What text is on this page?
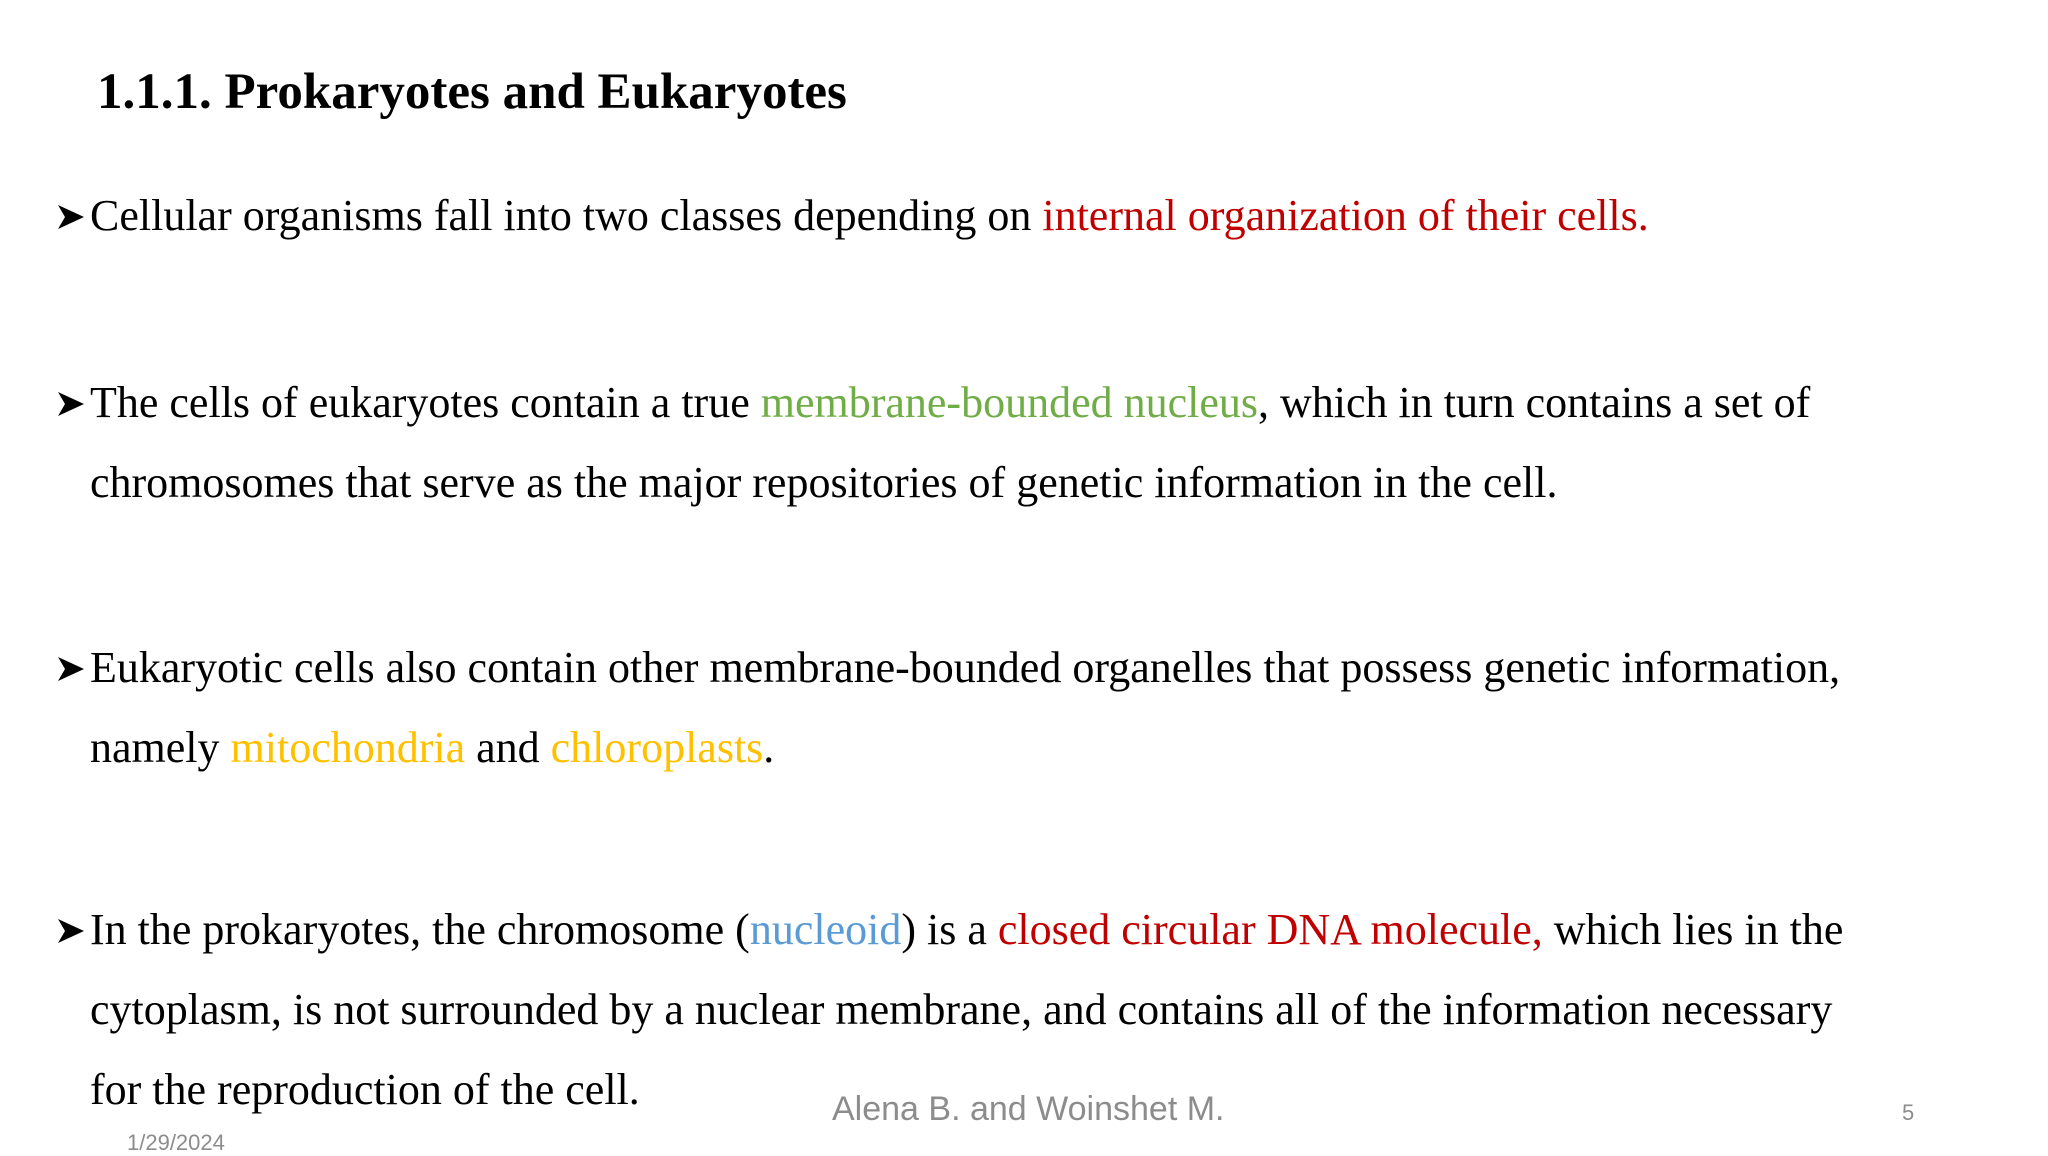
1.1.1. Prokaryotes and Eukaryotes
Cellular organisms fall into two classes depending on internal organization of their cells.
The cells of eukaryotes contain a true membrane-bounded nucleus, which in turn contains a set of
chromosomes that serve as the major repositories of genetic information in the cell.
Eukaryotic cells also contain other membrane-bounded organelles that possess genetic information,
namely mitochondria and chloroplasts.
In the prokaryotes, the chromosome (nucleoid) is a closed circular DNA molecule, which lies in the
cytoplasm, is not surrounded by a nuclear membrane, and contains all of the information necessary
for the reproduction of the cell.	Alena B. and Woinshet M.	5
1/29/2024
